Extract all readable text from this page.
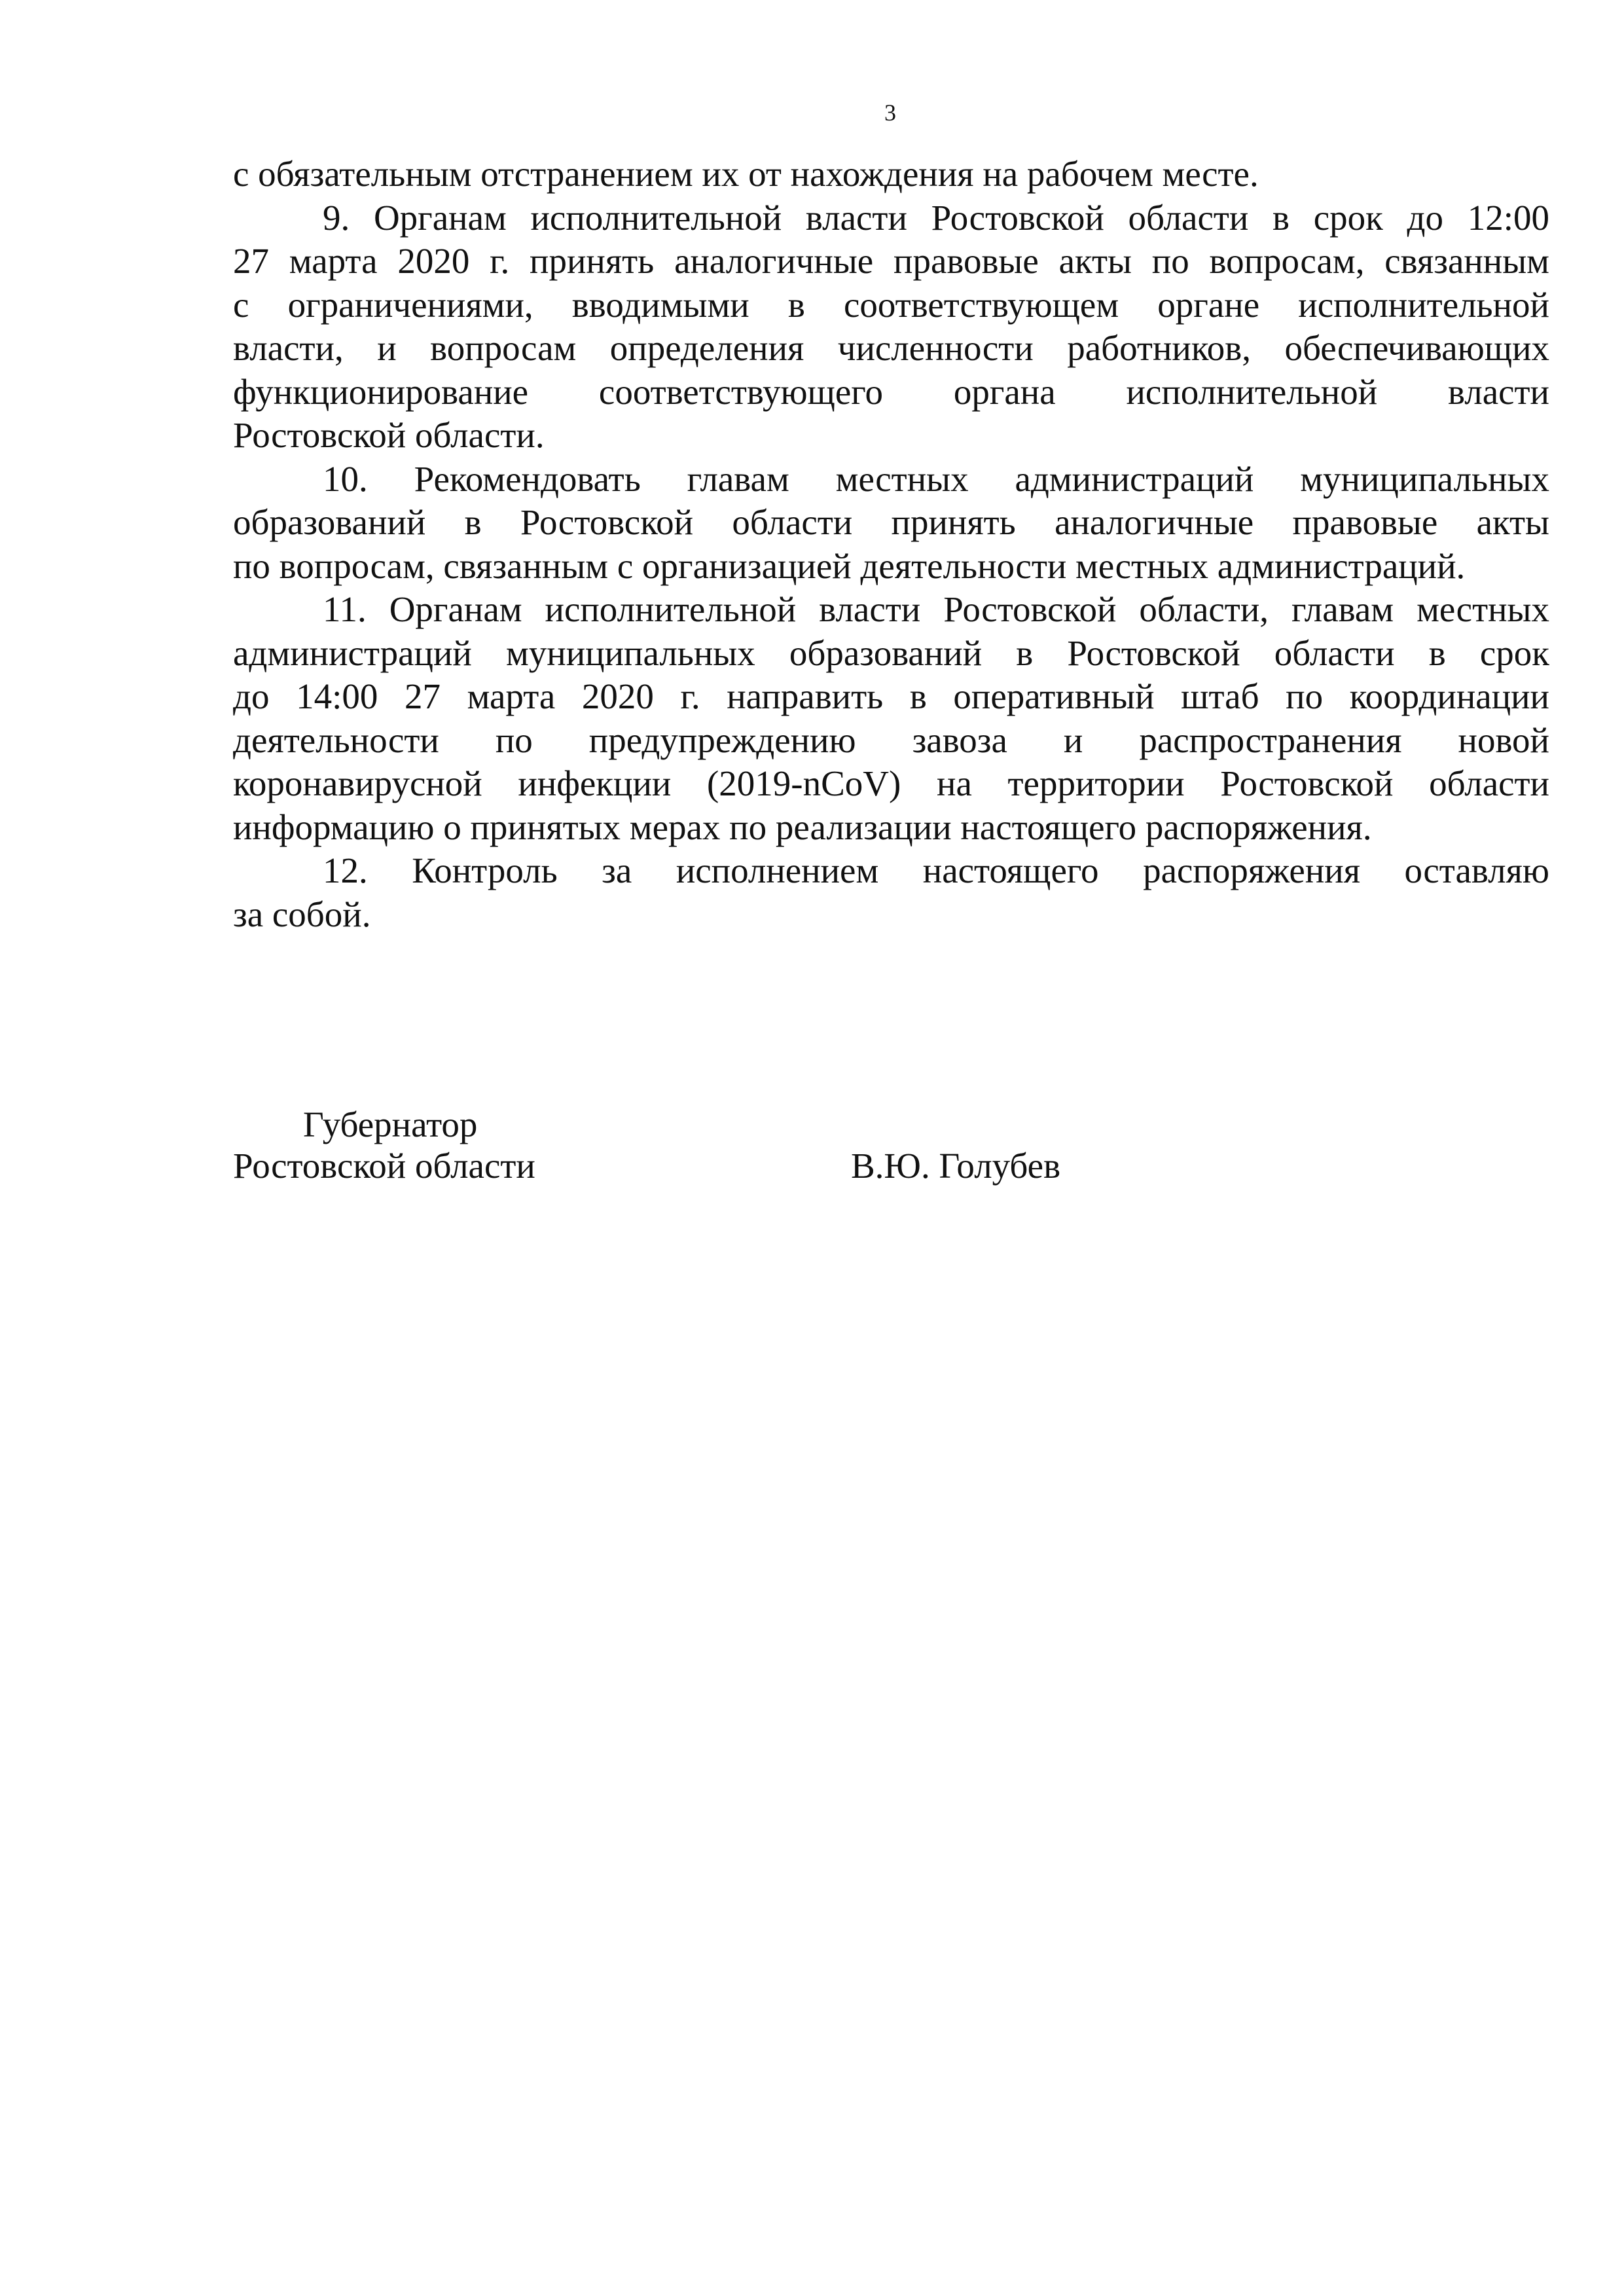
3
с обязательным отстранением их от нахождения на рабочем месте.
9. Органам исполнительной власти Ростовской области в срок до 12:00
27 марта 2020 г. принять аналогичные правовые акты по вопросам, связанным
с ограничениями, вводимыми в соответствующем органе исполнительной
власти, и вопросам определения численности работников, обеспечивающих
функционирование соответствующего органа исполнительной власти
Ростовской области.
10. Рекомендовать главам местных администраций муниципальных
образований в Ростовской области принять аналогичные правовые акты
по вопросам, связанным с организацией деятельности местных администраций.
11. Органам исполнительной власти Ростовской области, главам местных
администраций муниципальных образований в Ростовской области в срок
до 14:00 27 марта 2020 г. направить в оперативный штаб по координации
деятельности по предупреждению завоза и распространения новой
коронавирусной инфекции (2019-nCoV) на территории Ростовской области
информацию о принятых мерах по реализации настоящего распоряжения.
12. Контроль за исполнением настоящего распоряжения оставляю
за собой.
Губернатор
Ростовской области	В.Ю. Голубев
